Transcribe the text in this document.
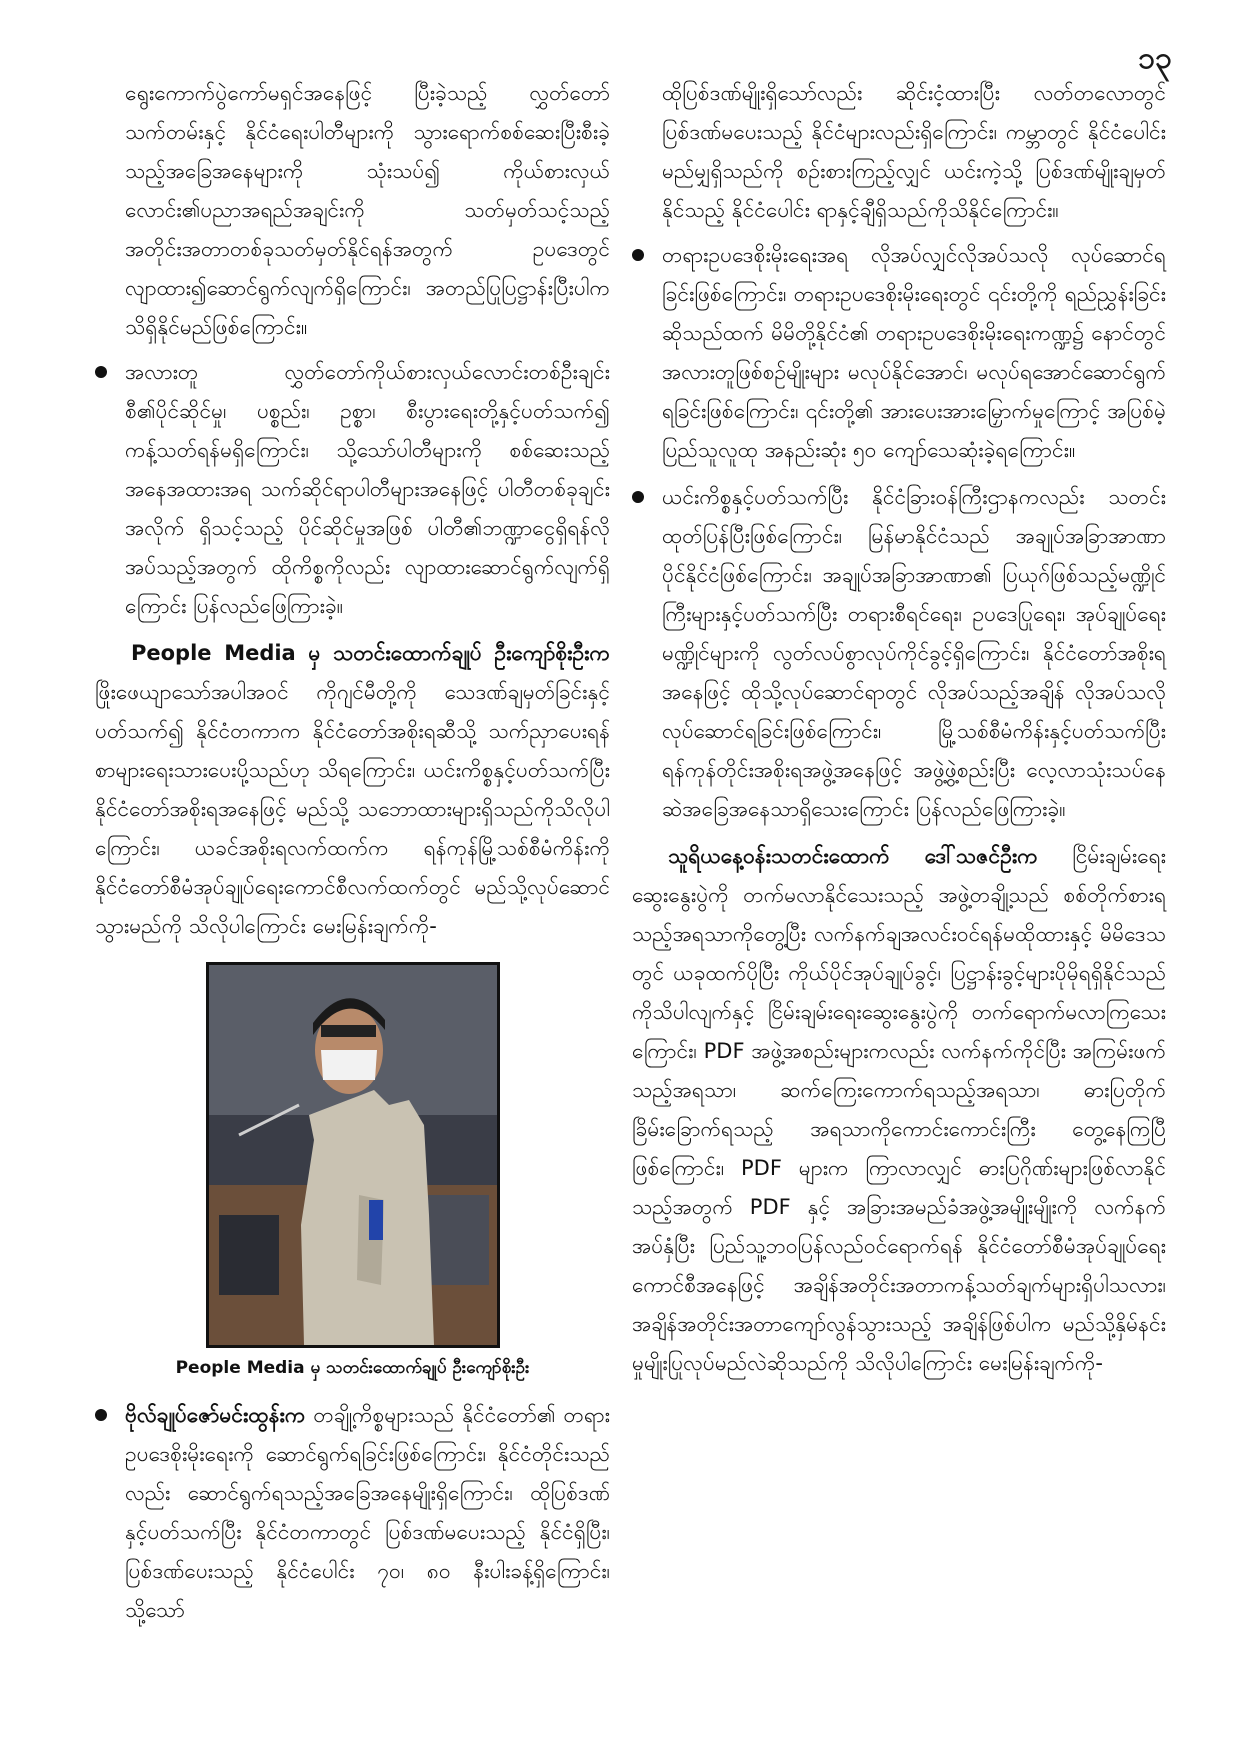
၁၃

ရွေးကောက်ပွဲကော်မရှင်အနေဖြင့် ပြီးခဲ့သည့် လွှတ်တော်သက်တမ်းနှင့် နိုင်ငံရေးပါတီများကို သွားရောက်စစ်ဆေးပြီးစီးခဲ့သည့်အခြေအနေများကို သုံးသပ်၍ ကိုယ်စားလှယ်လောင်း၏ပညာအရည်အချင်းကို သတ်မှတ်သင့်သည့်အတိုင်းအတာတစ်ခုသတ်မှတ်နိုင်ရန်အတွက် ဥပဒေတွင် လျာထား၍ဆောင်ရွက်လျက်ရှိကြောင်း၊ အတည်ပြုပြဋ္ဌာန်းပြီးပါက သိရှိနိုင်မည်ဖြစ်ကြောင်း။

အလားတူ လွှတ်တော်ကိုယ်စားလှယ်လောင်းတစ်ဦးချင်းစီ၏ပိုင်ဆိုင်မှု၊ ပစ္စည်း၊ ဥစ္စာ၊ စီးပွားရေးတို့နှင့်ပတ်သက်၍ ကန့်သတ်ရန်မရှိကြောင်း၊ သို့သော်ပါတီများကို စစ်ဆေးသည့်အနေအထားအရ သက်ဆိုင်ရာပါတီများအနေဖြင့် ပါတီတစ်ခုချင်းအလိုက် ရှိသင့်သည့် ပိုင်ဆိုင်မှုအဖြစ် ပါတီ၏ဘဏ္ဍာငွေရှိရန်လိုအပ်သည့်အတွက် ထိုကိစ္စကိုလည်း လျာထားဆောင်ရွက်လျက်ရှိကြောင်း ပြန်လည်ဖြေကြားခဲ့။

People Media မှ သတင်းထောက်ချုပ် ဦးကျော်စိုးဦးက ဖြိုးဖေယျာသော်အပါအဝင် ကိုဂျင်မီတို့ကို သေဒဏ်ချမှတ်ခြင်းနှင့်ပတ်သက်၍ နိုင်ငံတကာက နိုင်ငံတော်အစိုးရဆီသို့ သက်ညှာပေးရန် စာများရေးသားပေးပို့သည်ဟု သိရကြောင်း၊ ယင်းကိစ္စနှင့်ပတ်သက်ပြီး နိုင်ငံတော်အစိုးရအနေဖြင့် မည်သို့ သဘောထားများရှိသည်ကိုသိလိုပါကြောင်း၊ ယခင်အစိုးရလက်ထက်က ရန်ကုန်မြို့သစ်စီမံကိန်းကို နိုင်ငံတော်စီမံအုပ်ချုပ်ရေးကောင်စီလက်ထက်တွင် မည်သို့လုပ်ဆောင်သွားမည်ကို သိလိုပါကြောင်း မေးမြန်းချက်ကို-

People Media မှ သတင်းထောက်ချုပ် ဦးကျော်စိုးဦး
ဗိုလ်ချုပ်ဇော်မင်းထွန်းက တချို့ကိစ္စများသည် နိုင်ငံတော်၏ တရားဥပဒေစိုးမိုးရေးကို ဆောင်ရွက်ရခြင်းဖြစ်ကြောင်း၊ နိုင်ငံတိုင်းသည်လည်း ဆောင်ရွက်ရသည့်အခြေအနေမျိုးရှိကြောင်း၊ ထိုပြစ်ဒဏ်နှင့်ပတ်သက်ပြီး နိုင်ငံတကာတွင် ပြစ်ဒဏ်မပေးသည့် နိုင်ငံရှိပြီး၊ ပြစ်ဒဏ်ပေးသည့် နိုင်ငံပေါင်း ၇၀၊ ၈၀ နီးပါးခန့်ရှိကြောင်း၊ သို့သော်

ထိုပြစ်ဒဏ်မျိုးရှိသော်လည်း ဆိုင်းငံ့ထားပြီး လတ်တလောတွင် ပြစ်ဒဏ်မပေးသည့် နိုင်ငံများလည်းရှိကြောင်း၊ ကမ္ဘာတွင် နိုင်ငံပေါင်းမည်မျှရှိသည်ကို စဉ်းစားကြည့်လျှင် ယင်းကဲ့သို့ ပြစ်ဒဏ်မျိုးချမှတ်နိုင်သည့် နိုင်ငံပေါင်း ရာနှင့်ချီရှိသည်ကိုသိနိုင်ကြောင်း။

တရားဥပဒေစိုးမိုးရေးအရ လိုအပ်လျှင်လိုအပ်သလို လုပ်ဆောင်ရခြင်းဖြစ်ကြောင်း၊ တရားဥပဒေစိုးမိုးရေးတွင် ၎င်းတို့ကို ရည်ညွှန်းခြင်းဆိုသည်ထက် မိမိတို့နိုင်ငံ၏ တရားဥပဒေစိုးမိုးရေးကဏ္ဍ၌ နောင်တွင်အလားတူဖြစ်စဉ်မျိုးများ မလုပ်နိုင်အောင်၊ မလုပ်ရအောင်ဆောင်ရွက်ရခြင်းဖြစ်ကြောင်း၊ ၎င်းတို့၏ အားပေးအားမြှောက်မှုကြောင့် အပြစ်မဲ့ပြည်သူလူထု အနည်းဆုံး ၅၀ ကျော်သေဆုံးခဲ့ရကြောင်း။
ယင်းကိစ္စနှင့်ပတ်သက်ပြီး နိုင်ငံခြားဝန်ကြီးဌာနကလည်း သတင်းထုတ်ပြန်ပြီးဖြစ်ကြောင်း၊ မြန်မာနိုင်ငံသည် အချုပ်အခြာအာဏာပိုင်နိုင်ငံဖြစ်ကြောင်း၊ အချုပ်အခြာအာဏာ၏ ပြယုဂ်ဖြစ်သည့်မဏ္ဍိုင်ကြီးများနှင့်ပတ်သက်ပြီး တရားစီရင်ရေး၊ ဥပဒေပြုရေး၊ အုပ်ချုပ်ရေးမဏ္ဍိုင်များကို လွတ်လပ်စွာလုပ်ကိုင်ခွင့်ရှိကြောင်း၊ နိုင်ငံတော်အစိုးရအနေဖြင့် ထိုသို့လုပ်ဆောင်ရာတွင် လိုအပ်သည့်အချိန် လိုအပ်သလို လုပ်ဆောင်ရခြင်းဖြစ်ကြောင်း၊ မြို့သစ်စီမံကိန်းနှင့်ပတ်သက်ပြီး ရန်ကုန်တိုင်းအစိုးရအဖွဲ့အနေဖြင့် အဖွဲ့ဖွဲ့စည်းပြီး လေ့လာသုံးသပ်နေဆဲအခြေအနေသာရှိသေးကြောင်း ပြန်လည်ဖြေကြားခဲ့။

သူရိယနေ့ဝန်းသတင်းထောက် ဒေါ်သဇင်ဦးက ငြိမ်းချမ်းရေးဆွေးနွေးပွဲကို တက်မလာနိုင်သေးသည့် အဖွဲ့တချို့သည် စစ်တိုက်စားရသည့်အရသာကိုတွေ့ပြီး လက်နက်ချအလင်းဝင်ရန်မထိုထားနှင့် မိမိဒေသတွင် ယခုထက်ပိုပြီး ကိုယ်ပိုင်အုပ်ချုပ်ခွင့်၊ ပြဋ္ဌာန်းခွင့်များပိုမိုရရှိနိုင်သည်ကိုသိပါလျက်နှင့် ငြိမ်းချမ်းရေးဆွေးနွေးပွဲကို တက်ရောက်မလာကြသေးကြောင်း၊ PDF အဖွဲ့အစည်းများကလည်း လက်နက်ကိုင်ပြီး အကြမ်းဖက်သည့်အရသာ၊ ဆက်ကြေးကောက်ရသည့်အရသာ၊ ဓားပြတိုက်ခြိမ်းခြောက်ရသည့် အရသာကိုကောင်းကောင်းကြီး တွေ့နေကြပြီဖြစ်ကြောင်း၊ PDF များက ကြာလာလျှင် ဓားပြဂိုဏ်းများဖြစ်လာနိုင်သည့်အတွက် PDF နှင့် အခြားအမည်ခံအဖွဲ့အမျိုးမျိုးကို လက်နက်အပ်နှံပြီး ပြည်သူ့ဘဝပြန်လည်ဝင်ရောက်ရန် နိုင်ငံတော်စီမံအုပ်ချုပ်ရေးကောင်စီအနေဖြင့် အချိန်အတိုင်းအတာကန့်သတ်ချက်များရှိပါသလား၊ အချိန်အတိုင်းအတာကျော်လွန်သွားသည့် အချိန်ဖြစ်ပါက မည်သို့နှိမ်နင်းမှုမျိုးပြုလုပ်မည်လဲဆိုသည်ကို သိလိုပါကြောင်း မေးမြန်းချက်ကို-
